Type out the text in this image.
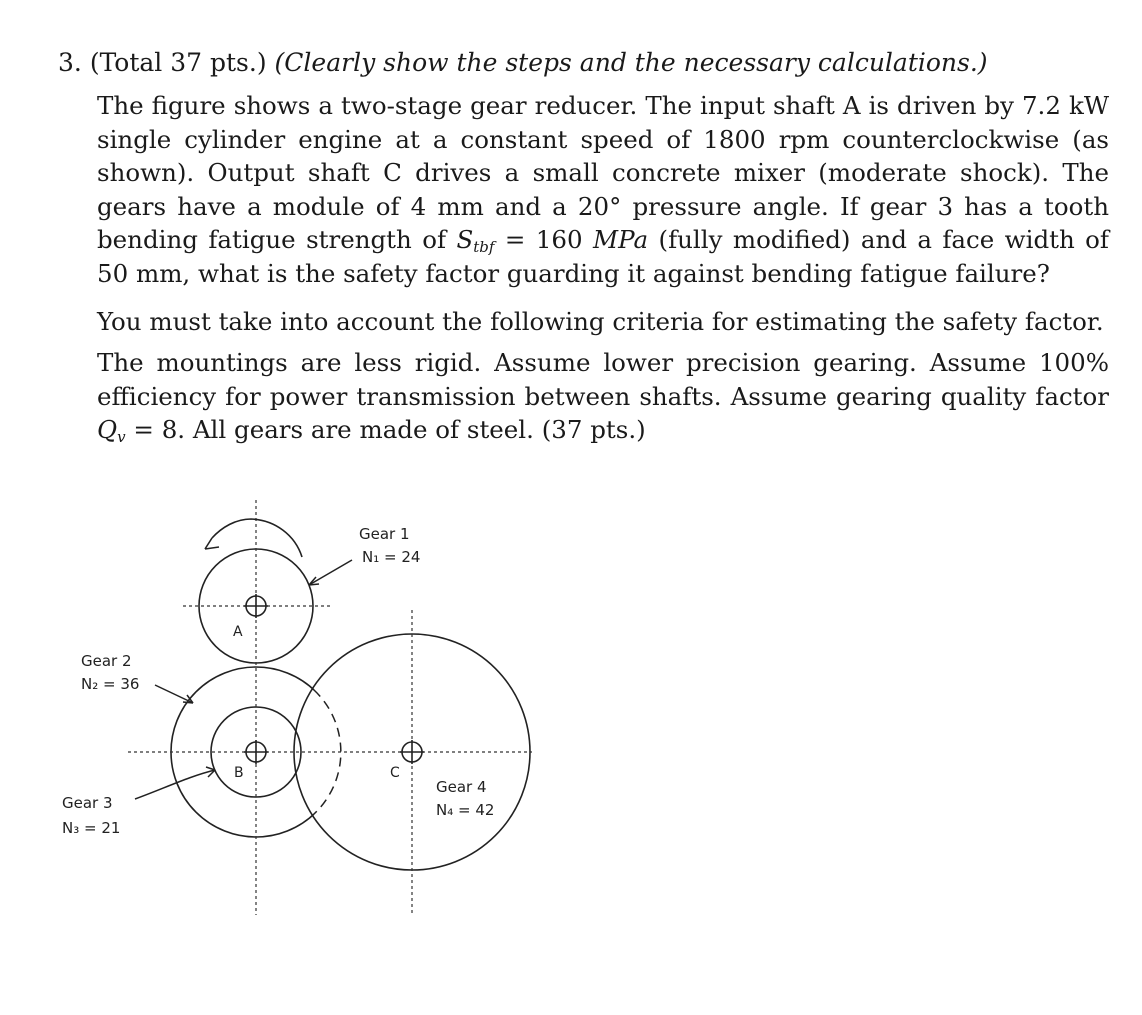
3. (Total 37 pts.) (Clearly show the steps and the necessary calculations.)
The figure shows a two-stage gear reducer. The input shaft A is driven by 7.2 kW single cylinder engine at a constant speed of 1800 rpm counterclockwise (as shown). Output shaft C drives a small concrete mixer (moderate shock). The gears have a module of 4 mm and a 20° pressure angle. If gear 3 has a tooth bending fatigue strength of $S_{tbf} = 160$ MPa (fully modified) and a face width of 50 mm, what is the safety factor guarding it against bending fatigue failure?
You must take into account the following criteria for estimating the safety factor.
The mountings are less rigid. Assume lower precision gearing. Assume 100% efficiency for power transmission between shafts. Assume gearing quality factor $Q_v = 8$. All gears are made of steel. (37 pts.)
Gear 1
N₁ = 24
Gear 2
N₂ = 36
Gear 3
N₃ = 21
Gear 4
N₄ = 42
A
B	C
